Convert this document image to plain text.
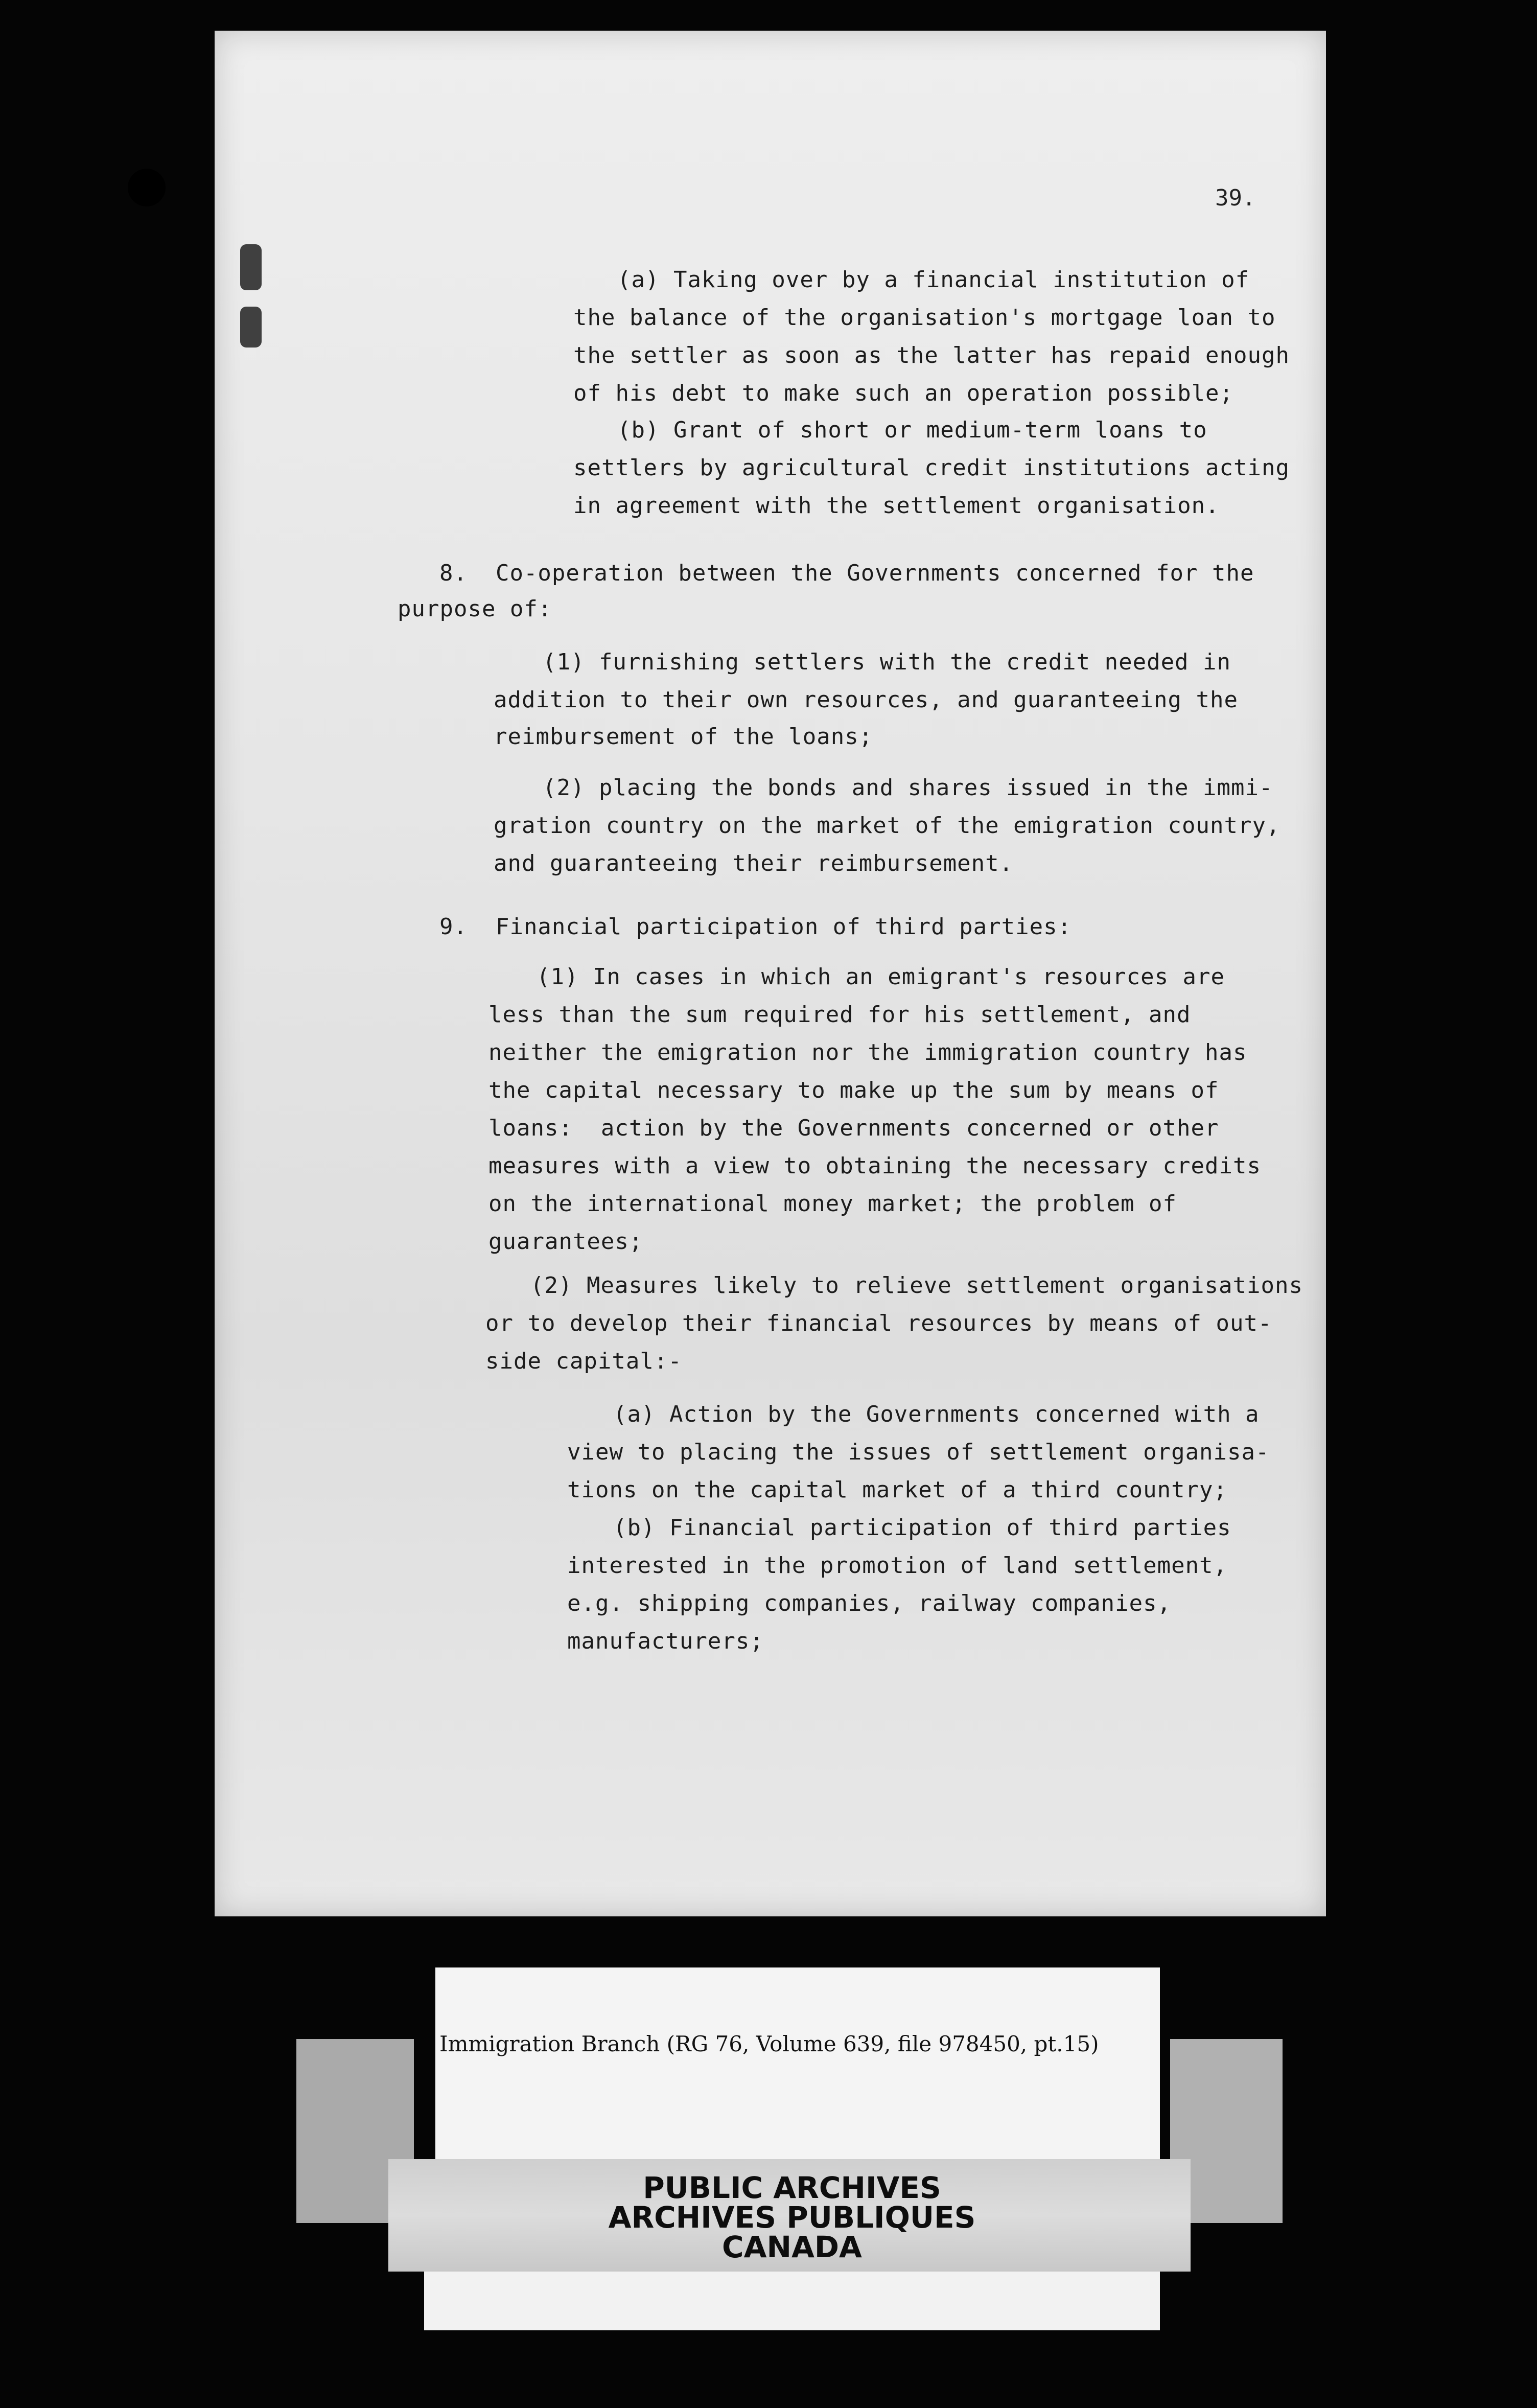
39.

(a) Taking over by a financial institution of

the balance of the organisation's mortgage loan to

the settler as soon as the latter has repaid enough

of his debt to make such an operation possible;

(b) Grant of short or medium-term loans to

settlers by agricultural credit institutions acting

in agreement with the settlement organisation.

8.  Co-operation between the Governments concerned for the

purpose of:

(1) furnishing settlers with the credit needed in

addition to their own resources, and guaranteeing the

reimbursement of the loans;

(2) placing the bonds and shares issued in the immi-

gration country on the market of the emigration country,

and guaranteeing their reimbursement.

9.  Financial participation of third parties:

(1) In cases in which an emigrant's resources are

less than the sum required for his settlement, and

neither the emigration nor the immigration country has

the capital necessary to make up the sum by means of

loans:  action by the Governments concerned or other

measures with a view to obtaining the necessary credits

on the international money market; the problem of

guarantees;

(2) Measures likely to relieve settlement organisations

or to develop their financial resources by means of out-

side capital:-

(a) Action by the Governments concerned with a

view to placing the issues of settlement organisa-

tions on the capital market of a third country;

(b) Financial participation of third parties

interested in the promotion of land settlement,

e.g. shipping companies, railway companies,

manufacturers;

Immigration Branch (RG 76, Volume 639, file 978450, pt.15)
PUBLIC ARCHIVES
ARCHIVES PUBLIQUES
CANADA
